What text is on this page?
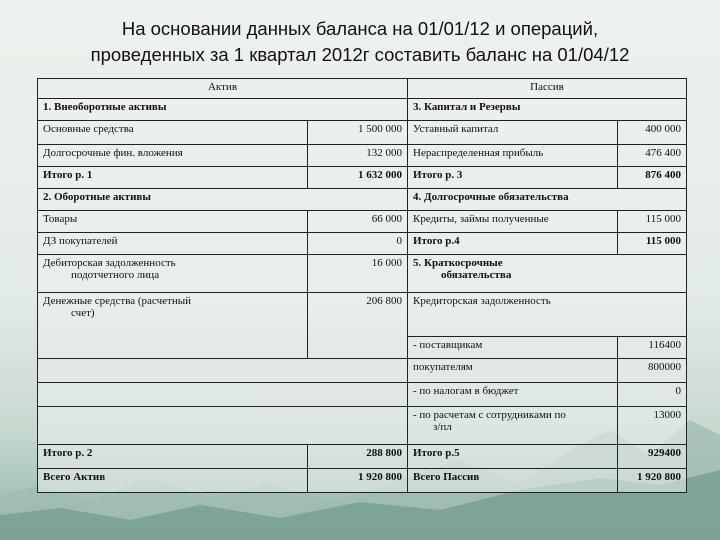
На основании данных баланса на 01/01/12 и операций,
проведенных за 1 квартал 2012г составить баланс на 01/04/12
Актив		Пассив	
1. Внеоборотные активы		3. Капитал и Резервы	
Основные средства	1 500 000	Уставный капитал	400 000
Долгосрочные фин. вложения	132 000	Нераспределенная прибыль	476 400
Итого р. 1	1 632 000	Итого р. 3	876 400
2. Оборотные активы		4. Долгосрочные обязательства	
Товары	66 000	Кредиты, займы полученные	115 000
ДЗ покупателей	0	Итого р.4	115 000
Дебиторская задолженность
подотчетного лица	16 000	5. Краткосрочные
обязательства	

Денежные средства (расчетный
счет)	206 800	Кредиторская задолженность	
		- поставщикам	116400
		покупателям	800000
		- по налогам в бюджет	0
		- по расчетам с сотрудниками по
з/пл	13000
Итого р. 2	288 800	Итого р.5	929400
Всего Актив	1 920 800	Всего Пассив	1 920 800
